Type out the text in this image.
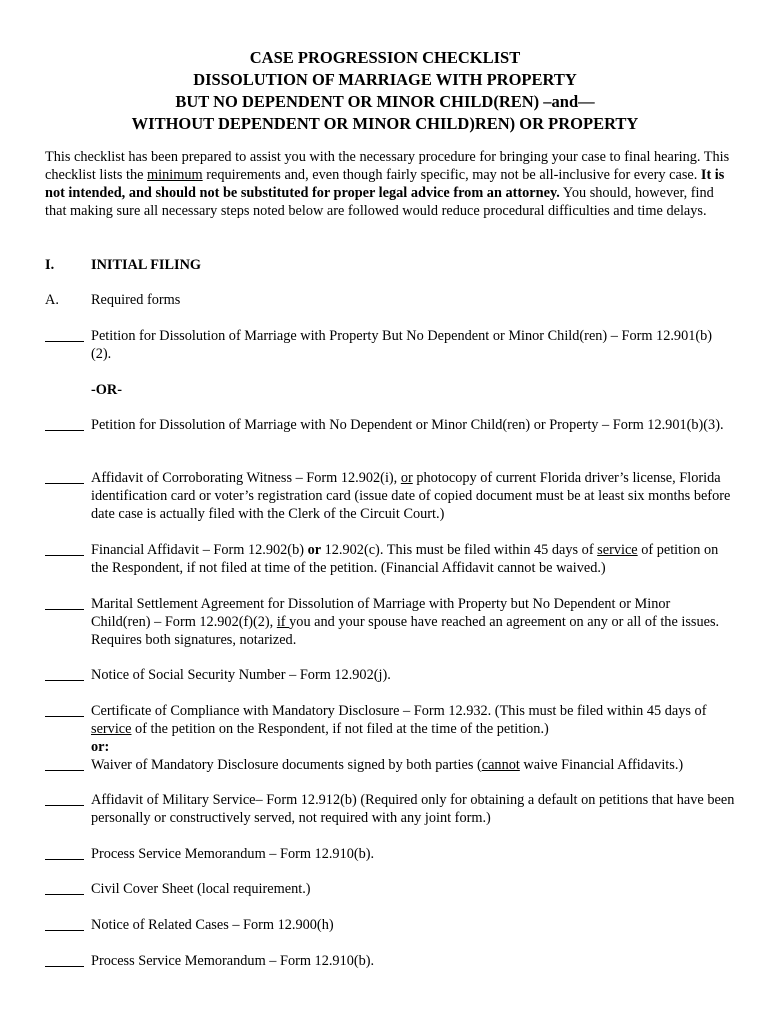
CASE PROGRESSION CHECKLIST
DISSOLUTION OF MARRIAGE WITH PROPERTY
BUT NO DEPENDENT OR MINOR CHILD(REN) –and—
WITHOUT DEPENDENT OR MINOR CHILD)REN) OR PROPERTY
This checklist has been prepared to assist you with the necessary procedure for bringing your case to final hearing. This checklist lists the minimum requirements and, even though fairly specific, may not be all-inclusive for every case. It is not intended, and should not be substituted for proper legal advice from an attorney. You should, however, find that making sure all necessary steps noted below are followed would reduce procedural difficulties and time delays.
I.	INITIAL FILING
A. Required forms
Petition for Dissolution of Marriage with Property But No Dependent or Minor Child(ren) – Form 12.901(b)(2).
-OR-
Petition for Dissolution of Marriage with No Dependent or Minor Child(ren) or Property – Form 12.901(b)(3).
Affidavit of Corroborating Witness – Form 12.902(i), or photocopy of current Florida driver’s license, Florida identification card or voter’s registration card (issue date of copied document must be at least six months before date case is actually filed with the Clerk of the Circuit Court.)
Financial Affidavit – Form 12.902(b) or 12.902(c). This must be filed within 45 days of service of petition on the Respondent, if not filed at time of the petition. (Financial Affidavit cannot be waived.)
Marital Settlement Agreement for Dissolution of Marriage with Property but No Dependent or Minor Child(ren) – Form 12.902(f)(2), if you and your spouse have reached an agreement on any or all of the issues. Requires both signatures, notarized.
Notice of Social Security Number – Form 12.902(j).
Certificate of Compliance with Mandatory Disclosure – Form 12.932. (This must be filed within 45 days of service of the petition on the Respondent, if not filed at the time of the petition.)
or:
Waiver of Mandatory Disclosure documents signed by both parties (cannot waive Financial Affidavits.)
Affidavit of Military Service– Form 12.912(b) (Required only for obtaining a default on petitions that have been personally or constructively served, not required with any joint form.)
Process Service Memorandum – Form 12.910(b).
Civil Cover Sheet (local requirement.)
Notice of Related Cases – Form 12.900(h)
Process Service Memorandum – Form 12.910(b).
